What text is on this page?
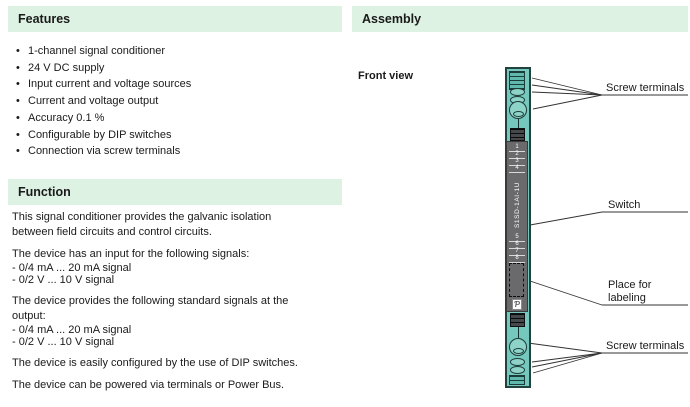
Features
• 1-channel signal conditioner
• 24 V DC supply
• Input current and voltage sources
• Current and voltage output
• Accuracy 0.1 %
• Configurable by DIP switches
• Connection via screw terminals
Function
This signal conditioner provides the galvanic isolation
between field circuits and control circuits.
The device has an input for the following signals:
- 0/4 mA ... 20 mA signal
- 0/2 V ... 10 V signal
The device provides the following standard signals at the
output:
- 0/4 mA ... 20 mA signal
- 0/2 V ... 10 V signal
The device is easily configured by the use of DIP switches.
The device can be powered via terminals or Power Bus.
Assembly
Front view
Screw terminals
Switch
Place for
labeling
Screw terminals
1
2
3
4
S1SD-1AI-1U
5
6
7
8
Ƥ
